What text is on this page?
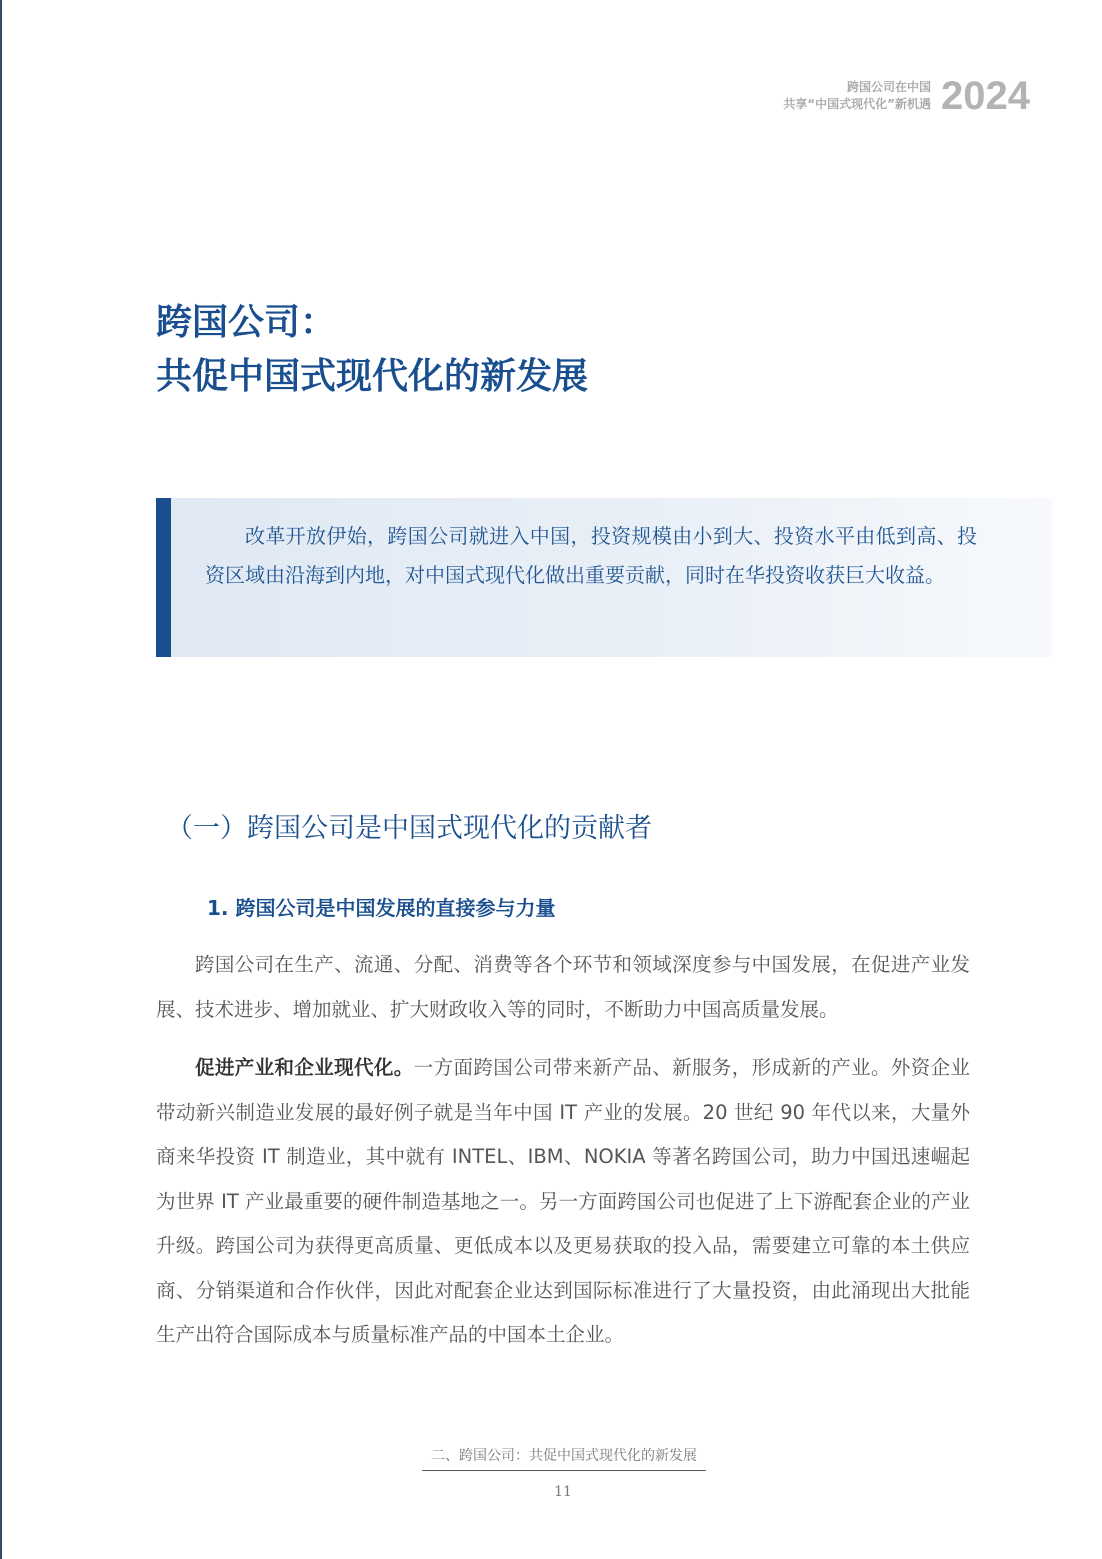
跨国公司在中国
共享“中国式现代化”新机遇 2024
跨国公司：
共促中国式现代化的新发展
改革开放伊始，跨国公司就进入中国，投资规模由小到大、投资水平由低到高、投资区域由沿海到内地，对中国式现代化做出重要贡献，同时在华投资收获巨大收益。
（一）跨国公司是中国式现代化的贡献者
1. 跨国公司是中国发展的直接参与力量
跨国公司在生产、流通、分配、消费等各个环节和领域深度参与中国发展，在促进产业发展、技术进步、增加就业、扩大财政收入等的同时，不断助力中国高质量发展。
促进产业和企业现代化。一方面跨国公司带来新产品、新服务，形成新的产业。外资企业带动新兴制造业发展的最好例子就是当年中国 IT 产业的发展。20 世纪 90 年代以来，大量外商来华投资 IT 制造业，其中就有 INTEL、IBM、NOKIA 等著名跨国公司，助力中国迅速崛起为世界 IT 产业最重要的硬件制造基地之一。另一方面跨国公司也促进了上下游配套企业的产业升级。跨国公司为获得更高质量、更低成本以及更易获取的投入品，需要建立可靠的本土供应商、分销渠道和合作伙伴，因此对配套企业达到国际标准进行了大量投资，由此涌现出大批能生产出符合国际成本与质量标准产品的中国本土企业。
二、跨国公司：共促中国式现代化的新发展
11
